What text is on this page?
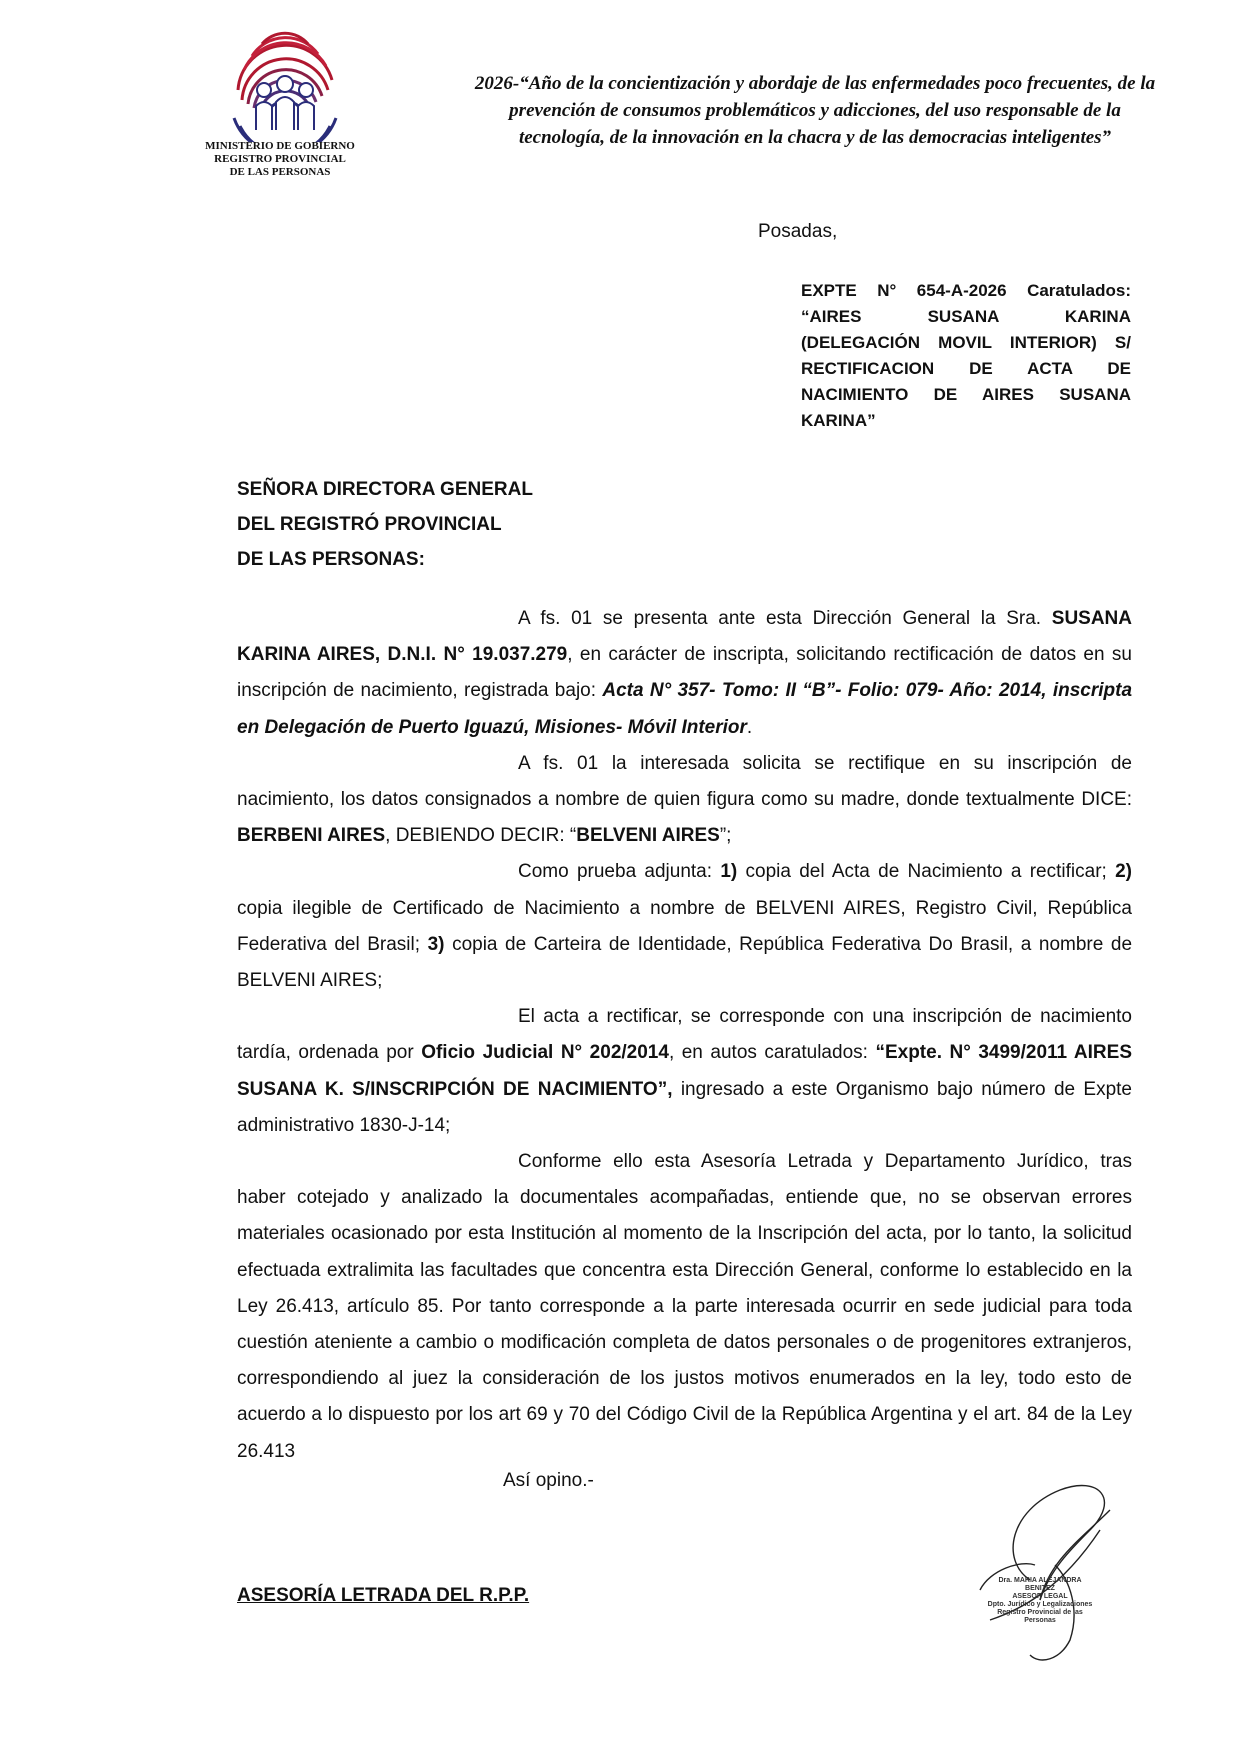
MINISTERIO DE GOBIERNO
REGISTRO PROVINCIAL
DE LAS PERSONAS
2026-“Año de la concientización y abordaje de las enfermedades poco frecuentes, de la
prevención de consumos problemáticos y adicciones, del uso responsable de la
tecnología, de la innovación en la chacra y de las democracias inteligentes”
Posadas,
EXPTE N° 654-A-2026 Caratulados:
“AIRES SUSANA KARINA
(DELEGACIÓN MOVIL INTERIOR) S/
RECTIFICACION DE ACTA DE
NACIMIENTO DE AIRES SUSANA
KARINA”
SEÑORA DIRECTORA GENERAL
DEL REGISTRÓ PROVINCIAL
DE LAS PERSONAS:

A fs. 01 se presenta ante esta Dirección General la Sra. SUSANA KARINA AIRES, D.N.I. N° 19.037.279, en carácter de inscripta, solicitando rectificación de datos en su inscripción de nacimiento, registrada bajo: Acta N° 357- Tomo: II “B”- Folio: 079- Año: 2014, inscripta en Delegación de Puerto Iguazú, Misiones- Móvil Interior.

A fs. 01 la interesada solicita se rectifique en su inscripción de nacimiento, los datos consignados a nombre de quien figura como su madre, donde textualmente DICE: BERBENI AIRES, DEBIENDO DECIR: “BELVENI AIRES”;

Como prueba adjunta: 1) copia del Acta de Nacimiento a rectificar; 2) copia ilegible de Certificado de Nacimiento a nombre de BELVENI AIRES, Registro Civil, República Federativa del Brasil; 3) copia de Carteira de Identidade, República Federativa Do Brasil, a nombre de BELVENI AIRES;

El acta a rectificar, se corresponde con una inscripción de nacimiento tardía, ordenada por Oficio Judicial N° 202/2014, en autos caratulados: “Expte. N° 3499/2011 AIRES SUSANA K. S/INSCRIPCIÓN DE NACIMIENTO”, ingresado a este Organismo bajo número de Expte administrativo 1830-J-14;

Conforme ello esta Asesoría Letrada y Departamento Jurídico, tras haber cotejado y analizado la documentales acompañadas, entiende que, no se observan errores materiales ocasionado por esta Institución al momento de la Inscripción del acta, por lo tanto, la solicitud efectuada extralimita las facultades que concentra esta Dirección General, conforme lo establecido en la Ley 26.413, artículo 85. Por tanto corresponde a la parte interesada ocurrir en sede judicial para toda cuestión ateniente a cambio o modificación completa de datos personales o de progenitores extranjeros, correspondiendo al juez la consideración de los justos motivos enumerados en la ley, todo esto de acuerdo a lo dispuesto por los art 69 y 70 del Código Civil de la República Argentina y el art. 84 de la Ley 26.413

Así opino.-
ASESORÍA LETRADA DEL R.P.P.
Dra. MARIA ALEJANDRA BENITEZ
ASESOR LEGAL
Dpto. Jurídico y Legalizaciones
Registro Provincial de las Personas
